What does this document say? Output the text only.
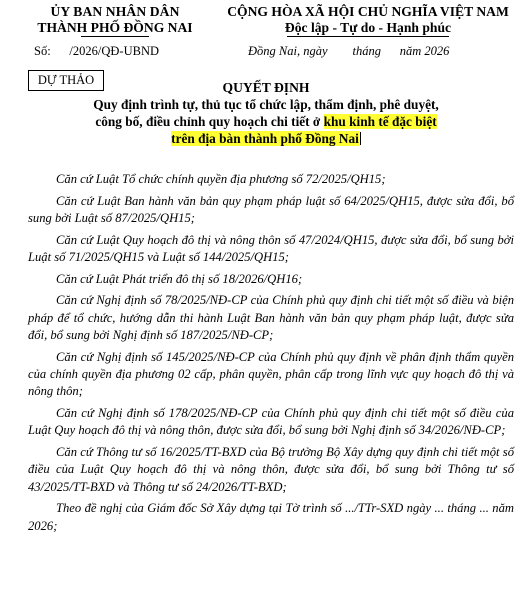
ỦY BAN NHÂN DÂN
THÀNH PHỐ ĐỒNG NAI
CỘNG HÒA XÃ HỘI CHỦ NGHĨA VIỆT NAM
Độc lập - Tự do - Hạnh phúc
Số:      /2026/QĐ-UBND	Đồng Nai, ngày        tháng      năm 2026
DỰ THẢO	QUYẾT ĐỊNH
Quy định trình tự, thủ tục tổ chức lập, thẩm định, phê duyệt,
công bố, điều chỉnh quy hoạch chi tiết ở khu kinh tế đặc biệt
trên địa bàn thành phố Đồng Nai

Căn cứ Luật Tổ chức chính quyền địa phương số 72/2025/QH15;

Căn cứ Luật Ban hành văn bản quy phạm pháp luật số 64/2025/QH15, được sửa đổi, bổ sung bởi Luật số 87/2025/QH15;

Căn cứ Luật Quy hoạch đô thị và nông thôn số 47/2024/QH15, được sửa đổi, bổ sung bởi Luật số 71/2025/QH15 và Luật số 144/2025/QH15;

Căn cứ Luật Phát triển đô thị số 18/2026/QH16;

Căn cứ Nghị định số 78/2025/NĐ-CP của Chính phủ quy định chi tiết một số điều và biện pháp để tổ chức, hướng dẫn thi hành Luật Ban hành văn bản quy phạm pháp luật, được sửa đổi, bổ sung bởi Nghị định số 187/2025/NĐ-CP;

Căn cứ Nghị định số 145/2025/NĐ-CP của Chính phủ quy định về phân định thẩm quyền của chính quyền địa phương 02 cấp, phân quyền, phân cấp trong lĩnh vực quy hoạch đô thị và nông thôn;

Căn cứ Nghị định số 178/2025/NĐ-CP của Chính phủ quy định chi tiết một số điều của Luật Quy hoạch đô thị và nông thôn, được sửa đổi, bổ sung bởi Nghị định số 34/2026/NĐ-CP;

Căn cứ Thông tư số 16/2025/TT-BXD của Bộ trưởng Bộ Xây dựng quy định chi tiết một số điều của Luật Quy hoạch đô thị và nông thôn, được sửa đổi, bổ sung bởi Thông tư số 43/2025/TT-BXD và Thông tư số 24/2026/TT-BXD;

Theo đề nghị của Giám đốc Sở Xây dựng tại Tờ trình số .../TTr-SXD ngày ... tháng ... năm 2026;
